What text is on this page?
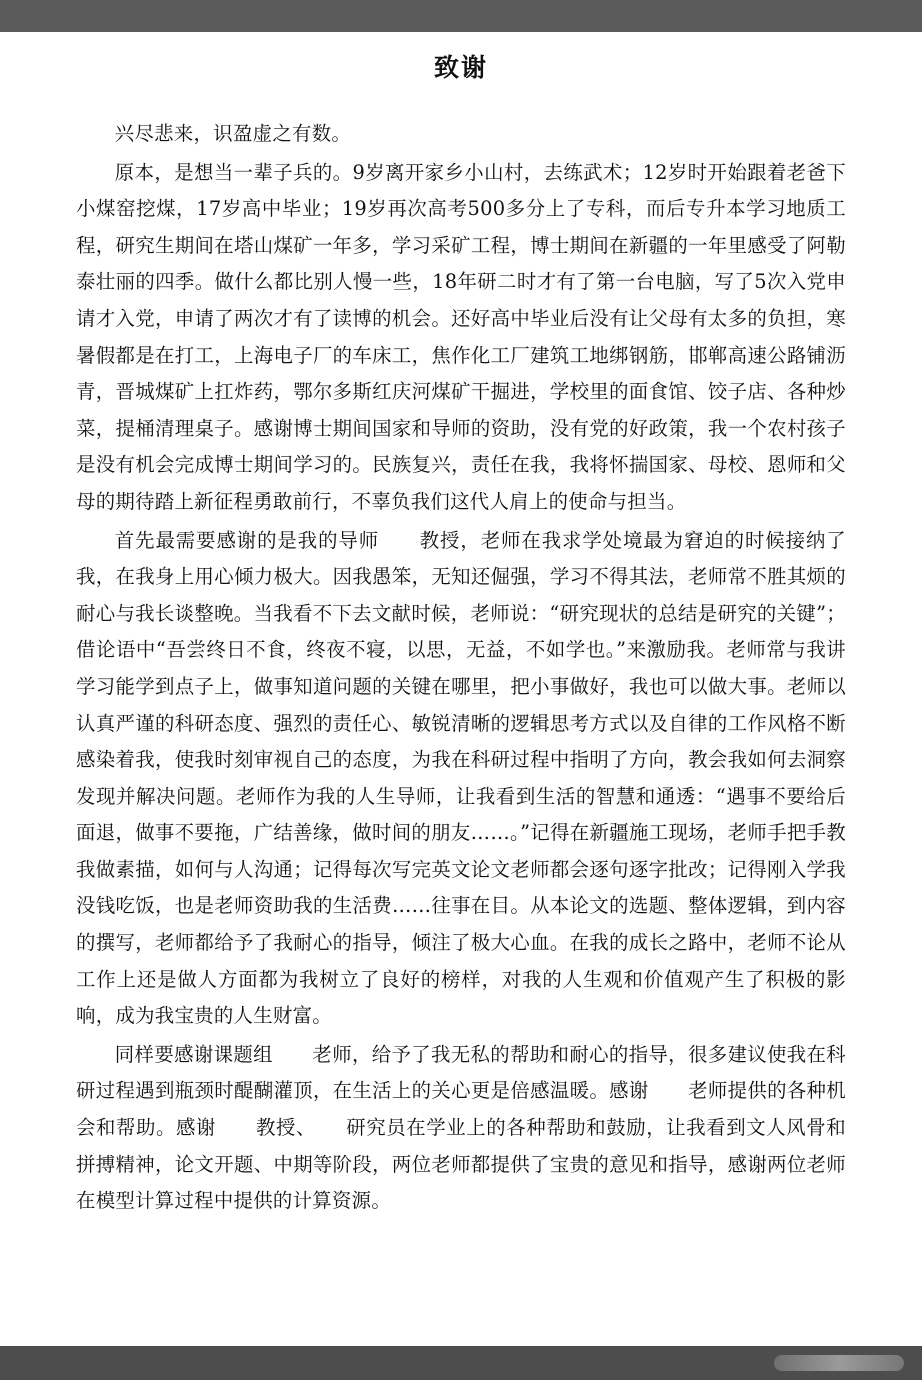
致谢

兴尽悲来，识盈虚之有数。

原本，是想当一辈子兵的。9岁离开家乡小山村，去练武术；12岁时开始跟着老爸下小煤窑挖煤，17岁高中毕业；19岁再次高考500多分上了专科，而后专升本学习地质工程，研究生期间在塔山煤矿一年多，学习采矿工程，博士期间在新疆的一年里感受了阿勒泰壮丽的四季。做什么都比别人慢一些，18年研二时才有了第一台电脑，写了5次入党申请才入党，申请了两次才有了读博的机会。还好高中毕业后没有让父母有太多的负担，寒暑假都是在打工，上海电子厂的车床工，焦作化工厂建筑工地绑钢筋，邯郸高速公路铺沥青，晋城煤矿上扛炸药，鄂尔多斯红庆河煤矿干掘进，学校里的面食馆、饺子店、各种炒菜，提桶清理桌子。感谢博士期间国家和导师的资助，没有党的好政策，我一个农村孩子是没有机会完成博士期间学习的。民族复兴，责任在我，我将怀揣国家、母校、恩师和父母的期待踏上新征程勇敢前行，不辜负我们这代人肩上的使命与担当。

首先最需要感谢的是我的导师　　教授，老师在我求学处境最为窘迫的时候接纳了我，在我身上用心倾力极大。因我愚笨，无知还倔强，学习不得其法，老师常不胜其烦的耐心与我长谈整晚。当我看不下去文献时候，老师说：“研究现状的总结是研究的关键”；借论语中“吾尝终日不食，终夜不寝，以思，无益，不如学也。”来激励我。老师常与我讲学习能学到点子上，做事知道问题的关键在哪里，把小事做好，我也可以做大事。老师以认真严谨的科研态度、强烈的责任心、敏锐清晰的逻辑思考方式以及自律的工作风格不断感染着我，使我时刻审视自己的态度，为我在科研过程中指明了方向，教会我如何去洞察发现并解决问题。老师作为我的人生导师，让我看到生活的智慧和通透：“遇事不要给后面退，做事不要拖，广结善缘，做时间的朋友……。”记得在新疆施工现场，老师手把手教我做素描，如何与人沟通；记得每次写完英文论文老师都会逐句逐字批改；记得刚入学我没钱吃饭，也是老师资助我的生活费……往事在目。从本论文的选题、整体逻辑，到内容的撰写，老师都给予了我耐心的指导，倾注了极大心血。在我的成长之路中，老师不论从工作上还是做人方面都为我树立了良好的榜样，对我的人生观和价值观产生了积极的影响，成为我宝贵的人生财富。

同样要感谢课题组　　老师，给予了我无私的帮助和耐心的指导，很多建议使我在科研过程遇到瓶颈时醍醐灌顶，在生活上的关心更是倍感温暖。感谢　　老师提供的各种机会和帮助。感谢　　教授、　　研究员在学业上的各种帮助和鼓励，让我看到文人风骨和拼搏精神，论文开题、中期等阶段，两位老师都提供了宝贵的意见和指导，感谢两位老师在模型计算过程中提供的计算资源。
